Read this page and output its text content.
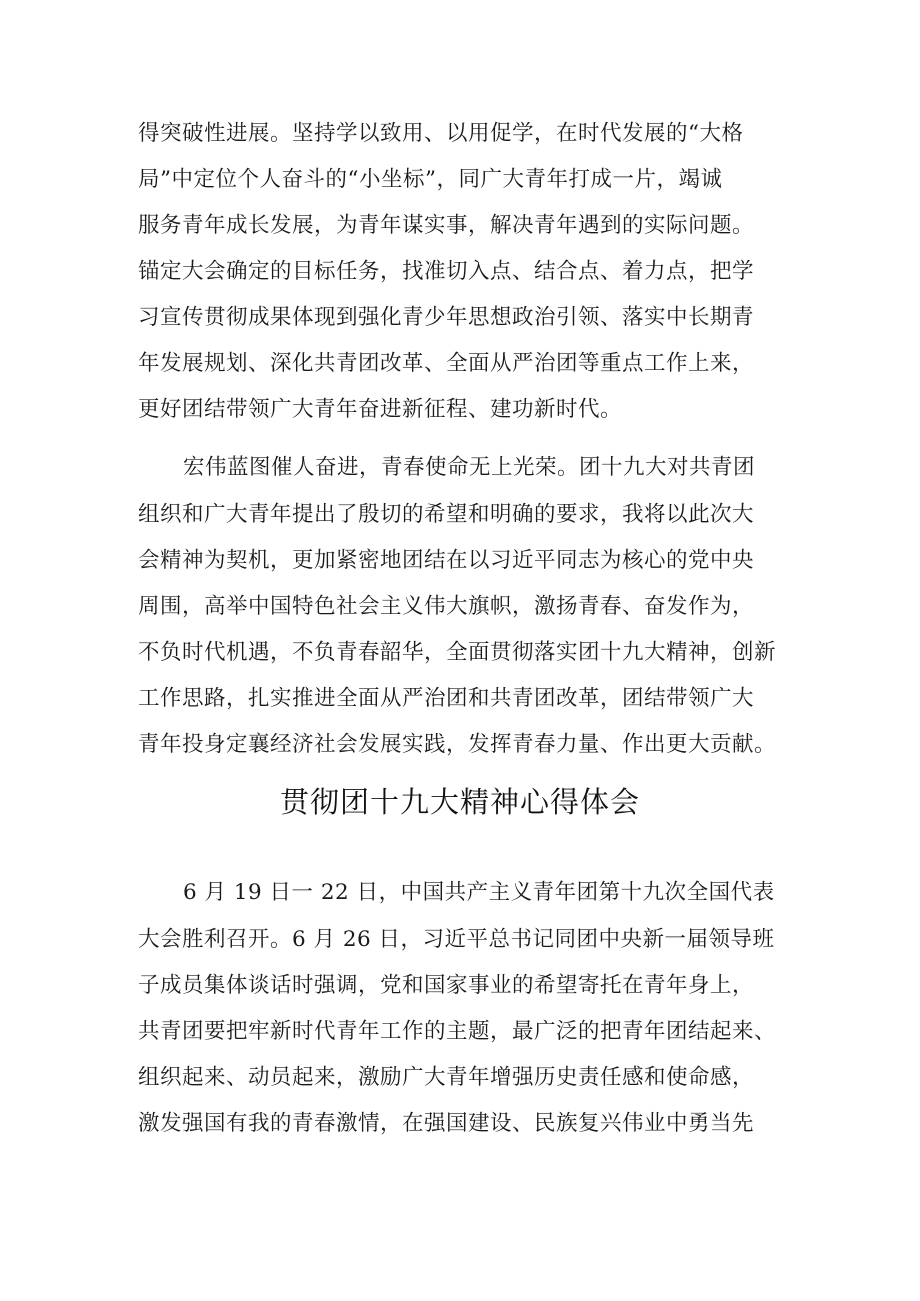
得突破性进展。坚持学以致用、以用促学，在时代发展的“大格
局”中定位个人奋斗的“小坐标”，同广大青年打成一片，竭诚
服务青年成长发展，为青年谋实事，解决青年遇到的实际问题。
锚定大会确定的目标任务，找准切入点、结合点、着力点，把学
习宣传贯彻成果体现到强化青少年思想政治引领、落实中长期青
年发展规划、深化共青团改革、全面从严治团等重点工作上来，
更好团结带领广大青年奋进新征程、建功新时代。
宏伟蓝图催人奋进，青春使命无上光荣。团十九大对共青团
组织和广大青年提出了殷切的希望和明确的要求，我将以此次大
会精神为契机，更加紧密地团结在以习近平同志为核心的党中央
周围，高举中国特色社会主义伟大旗帜，激扬青春、奋发作为，
不负时代机遇，不负青春韶华，全面贯彻落实团十九大精神，创新
工作思路，扎实推进全面从严治团和共青团改革，团结带领广大
青年投身定襄经济社会发展实践，发挥青春力量、作出更大贡献。
贯彻团十九大精神心得体会
6 月 19 日一 22 日，中国共产主义青年团第十九次全国代表
大会胜利召开。6 月 26 日，习近平总书记同团中央新一届领导班
子成员集体谈话时强调，党和国家事业的希望寄托在青年身上，
共青团要把牢新时代青年工作的主题，最广泛的把青年团结起来、
组织起来、动员起来，激励广大青年增强历史责任感和使命感，
激发强国有我的青春激情，在强国建设、民族复兴伟业中勇当先
